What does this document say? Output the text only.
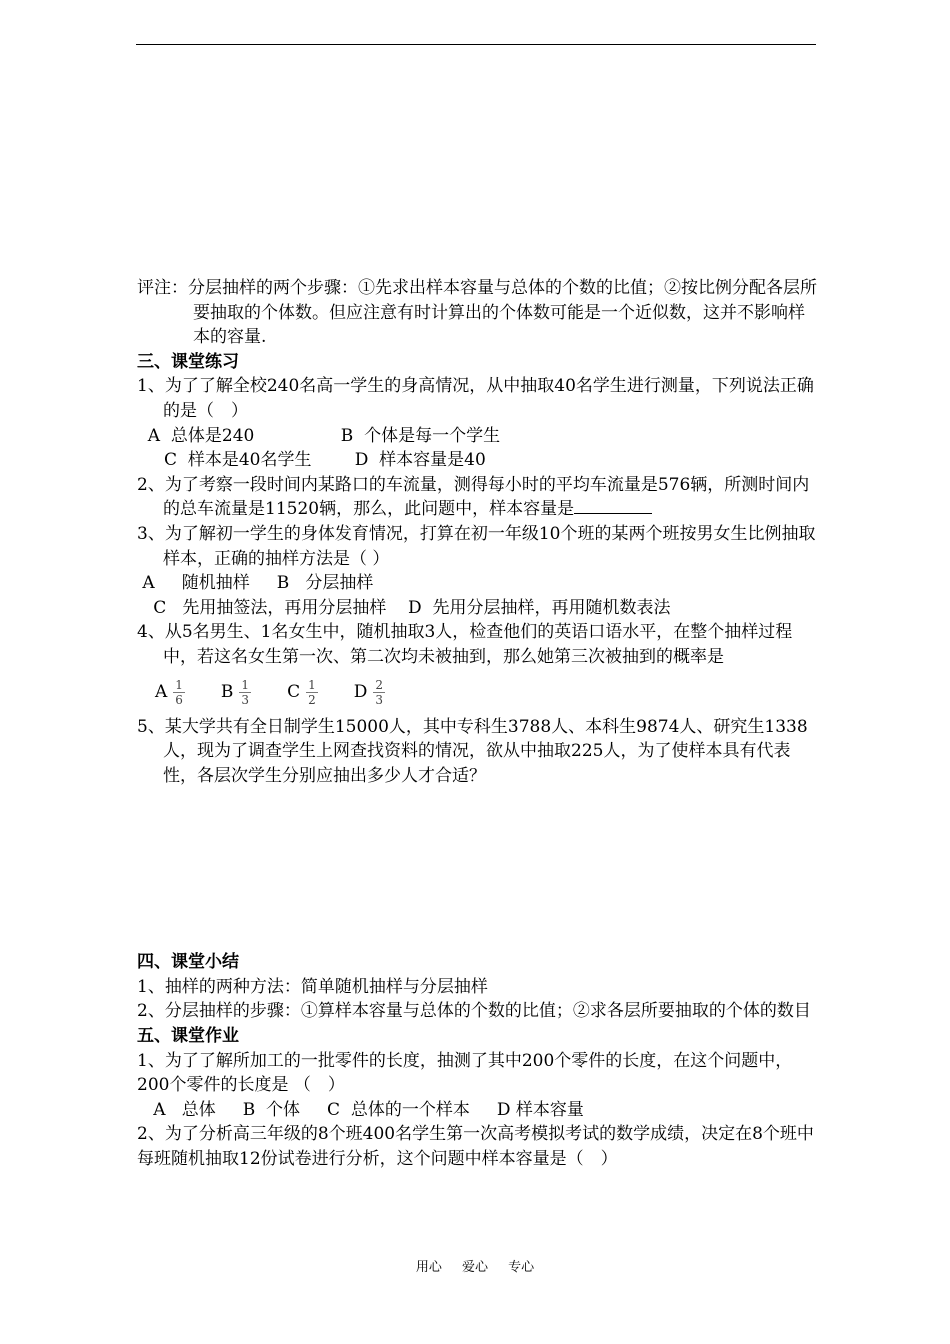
评注：分层抽样的两个步骤：①先求出样本容量与总体的个数的比值；②按比例分配各层所要抽取的个体数。但应注意有时计算出的个体数可能是一个近似数，这并不影响样本的容量.

三、课堂练习

1、为了了解全校240名高一学生的身高情况，从中抽取40名学生进行测量，下列说法正确的是（　）

A  总体是240                B  个体是每一个学生

C  样本是40名学生        D  样本容量是40

2、为了考察一段时间内某路口的车流量，测得每小时的平均车流量是576辆，所测时间内的总车流量是11520辆，那么，此问题中，样本容量是

3、为了解初一学生的身体发育情况，打算在初一年级10个班的某两个班按男女生比例抽取样本，正确的抽样方法是（ ）

A     随机抽样     B   分层抽样

C   先用抽签法，再用分层抽样    D  先用分层抽样，再用随机数表法

4、从5名男生、1名女生中，随机抽取3人，检查他们的英语口语水平，在整个抽样过程中，若这名女生第一次、第二次均未被抽到，那么她第三次被抽到的概率是

A $\frac{1}{6}$ B $\frac{1}{3}$ C $\frac{1}{2}$ D $\frac{2}{3}$

5、某大学共有全日制学生15000人，其中专科生3788人、本科生9874人、研究生1338人，现为了调查学生上网查找资料的情况，欲从中抽取225人，为了使样本具有代表性，各层次学生分别应抽出多少人才合适？

四、课堂小结

1、抽样的两种方法：简单随机抽样与分层抽样

2、分层抽样的步骤：①算样本容量与总体的个数的比值；②求各层所要抽取的个体的数目

五、课堂作业

1、为了了解所加工的一批零件的长度，抽测了其中200个零件的长度，在这个问题中，200个零件的长度是 （　）

A   总体     B  个体     C  总体的一个样本     D 样本容量

2、为了分析高三年级的8个班400名学生第一次高考模拟考试的数学成绩，决定在8个班中每班随机抽取12份试卷进行分析，这个问题中样本容量是（　）

用心 爱心 专心
